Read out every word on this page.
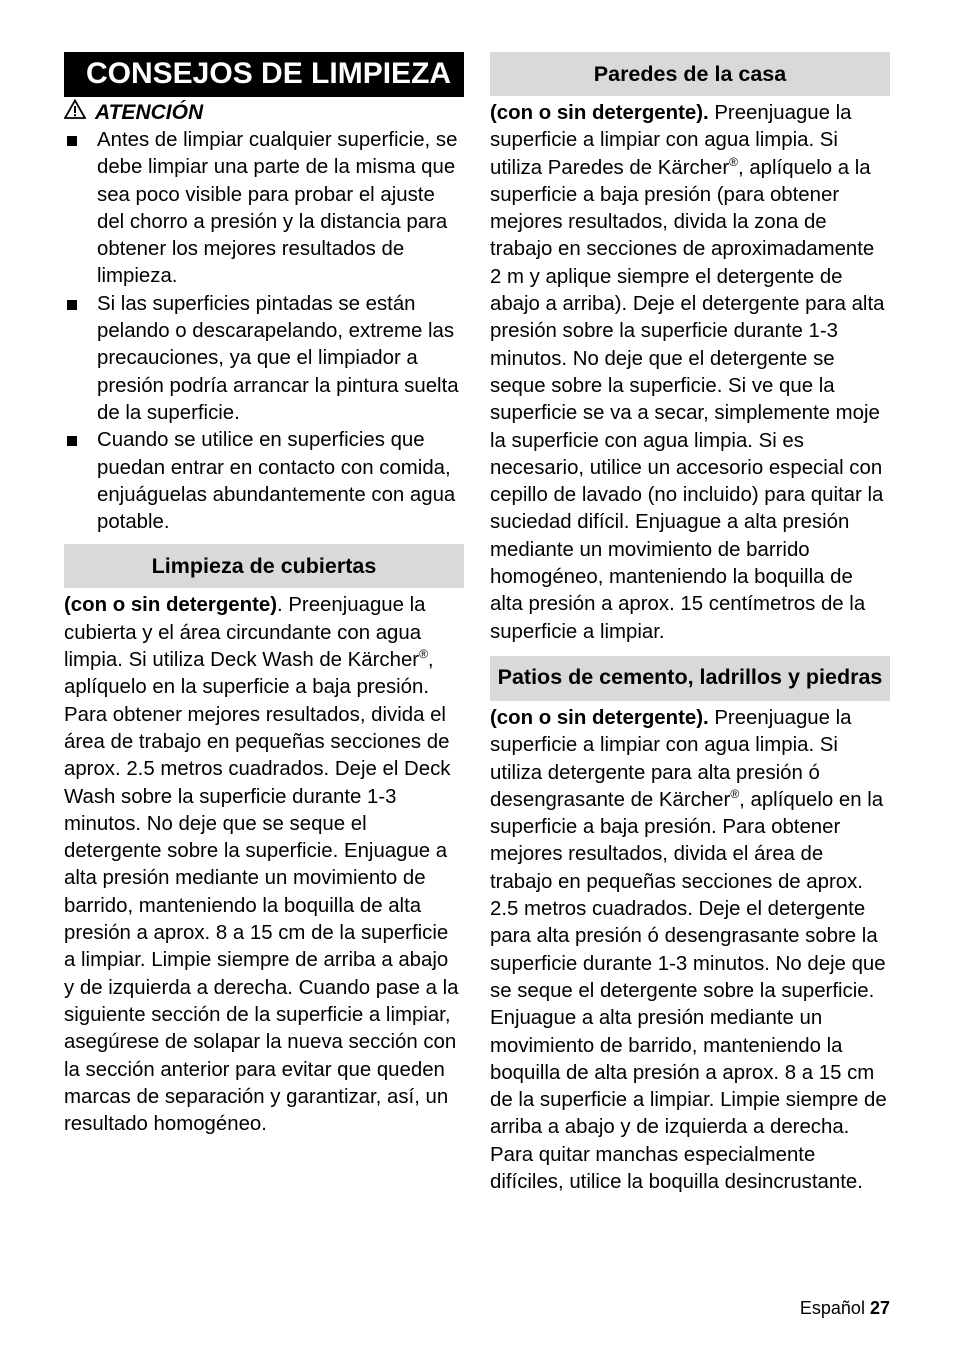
CONSEJOS DE LIMPIEZA
ATENCIÓN
Antes de limpiar cualquier superficie, se debe limpiar una parte de la misma que sea poco visible para probar el ajuste del chorro a presión y la distancia para obtener los mejores resultados de limpieza.
Si las superficies pintadas se están pelando o descarapelando, extreme las precauciones, ya que el limpiador a presión podría arrancar la pintura suelta de la superficie.
Cuando se utilice en superficies que puedan entrar en contacto con comida, enjuáguelas abundantemente con agua potable.
Limpieza de cubiertas

(con o sin detergente). Preenjuague la cubierta y el área circundante con agua limpia. Si utiliza Deck Wash de Kärcher®, aplíquelo en la superficie a baja presión. Para obtener mejores resultados, divida el área de trabajo en pequeñas secciones de aprox. 2.5 metros cuadrados. Deje el Deck Wash sobre la superficie durante 1-3 minutos. No deje que se seque el detergente sobre la superficie. Enjuague a alta presión mediante un movimiento de barrido, manteniendo la boquilla de alta presión a aprox. 8 a 15 cm de la superficie a limpiar. Limpie siempre de arriba a abajo y de izquierda a derecha. Cuando pase a la siguiente sección de la superficie a limpiar, asegúrese de solapar la nueva sección con la sección anterior para evitar que queden marcas de separación y garantizar, así, un resultado homogéneo.

Paredes de la casa

(con o sin detergente). Preenjuague la superficie a limpiar con agua limpia. Si utiliza Paredes de Kärcher®, aplíquelo a la superficie a baja presión (para obtener mejores resultados, divida la zona de trabajo en secciones de aproximadamente 2 m y aplique siempre el detergente de abajo a arriba). Deje el detergente para alta presión sobre la superficie durante 1-3 minutos. No deje que el detergente se seque sobre la superficie. Si ve que la superficie se va a secar, simplemente moje la superficie con agua limpia. Si es necesario, utilice un accesorio especial con cepillo de lavado (no incluido) para quitar la suciedad difícil. Enjuague a alta presión mediante un movimiento de barrido homogéneo, manteniendo la boquilla de alta presión a aprox. 15 centímetros de la superficie a limpiar.

Patios de cemento, ladrillos y piedras

(con o sin detergente). Preenjuague la superficie a limpiar con agua limpia. Si utiliza detergente para alta presión ó desengrasante de Kärcher®, aplíquelo en la superficie a baja presión. Para obtener mejores resultados, divida el área de trabajo en pequeñas secciones de aprox. 2.5 metros cuadrados. Deje el detergente para alta presión ó desengrasante sobre la superficie durante 1-3 minutos. No deje que se seque el detergente sobre la superficie. Enjuague a alta presión mediante un movimiento de barrido, manteniendo la boquilla de alta presión a aprox. 8 a 15 cm de la superficie a limpiar. Limpie siempre de arriba a abajo y de izquierda a derecha. Para quitar manchas especialmente difíciles, utilice la boquilla desincrustante.

Español 27
